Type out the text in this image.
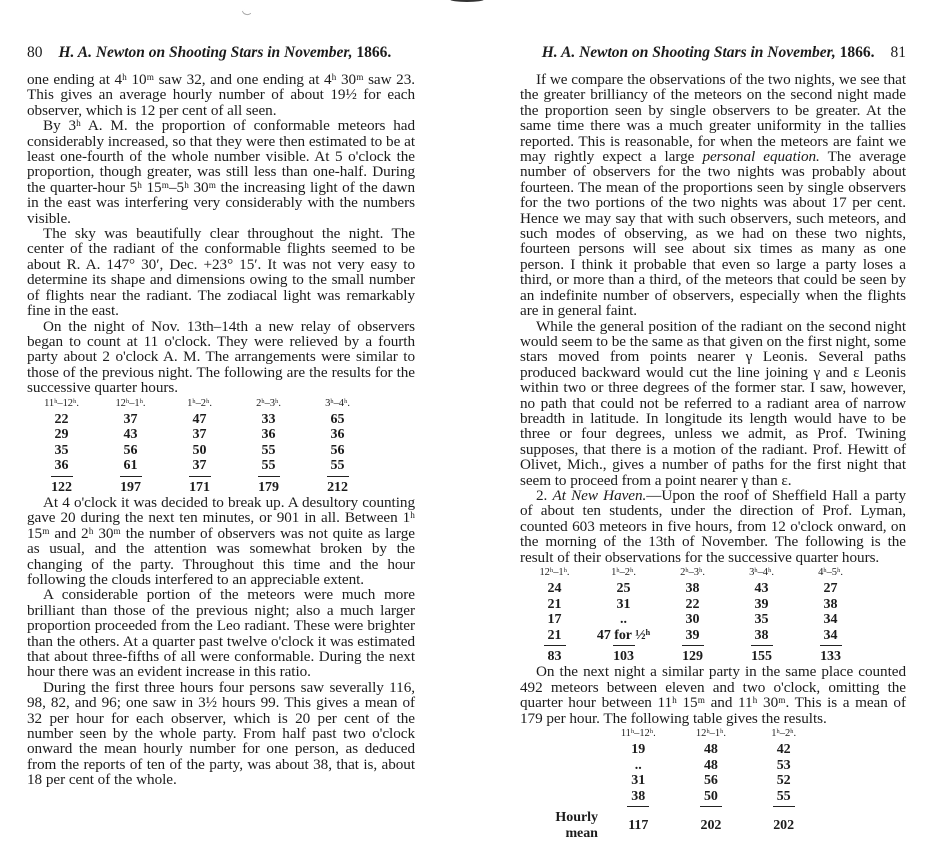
80 H. A. Newton on Shooting Stars in November,
1866.

one ending at 4ʰ 10ᵐ saw 32, and one ending at 4ʰ 30ᵐ saw 23. This gives an average hourly number of about 19½ for each observer, which is 12 per cent of all seen.

By 3ʰ A. M. the proportion of conformable meteors had considerably increased, so that they were then estimated to be at least one-fourth of the whole number visible. At 5 o'clock the proportion, though greater, was still less than one-half. During the quarter-hour 5ʰ 15ᵐ–5ʰ 30ᵐ the increasing light of the dawn in the east was interfering very considerably with the numbers visible.

The sky was beautifully clear throughout the night. The center of the radiant of the conformable flights seemed to be about R. A. 147° 30′, Dec. +23° 15′. It was not very easy to determine its shape and dimensions owing to the small number of flights near the radiant. The zodiacal light was remarkably fine in the east.

On the night of Nov. 13th–14th a new relay of observers began to count at 11 o'clock. They were relieved by a fourth party about 2 o'clock A. M. The arrangements were similar to those of the previous night. The following are the results for the successive quarter hours.

11ʰ–12ʰ.	12ʰ–1ʰ.	1ʰ–2ʰ.	2ʰ–3ʰ.	3ʰ–4ʰ.
22	37	47	33	65
29	43	37	36	36
35	56	50	55	56
36	61	37	55	55

122	197	171	179	212

At 4 o'clock it was decided to break up. A desultory counting gave 20 during the next ten minutes, or 901 in all. Between 1ʰ 15ᵐ and 2ʰ 30ᵐ the number of observers was not quite as large as usual, and the attention was somewhat broken by the changing of the party. Throughout this time and the hour following the clouds interfered to an appreciable extent.

A considerable portion of the meteors were much more brilliant than those of the previous night; also a much larger proportion proceeded from the Leo radiant. These were brighter than the others. At a quarter past twelve o'clock it was estimated that about three-fifths of all were conformable. During the next hour there was an evident increase in this ratio.

During the first three hours four persons saw severally 116, 98, 82, and 96; one saw in 3½ hours 99. This gives a mean of 32 per hour for each observer, which is 20 per cent of the number seen by the whole party. From half past two o'clock onward the mean hourly number for one person, as deduced from the reports of ten of the party, was about 38, that is, about 18 per cent of the whole.

H. A. Newton on Shooting Stars in November,
1866. 81

If we compare the observations of the two nights, we see that the greater brilliancy of the meteors on the second night made the proportion seen by single observers to be greater. At the same time there was a much greater uniformity in the tallies reported. This is reasonable, for when the meteors are faint we may rightly expect a large personal equation. The average number of observers for the two nights was probably about fourteen. The mean of the proportions seen by single observers for the two portions of the two nights was about 17 per cent. Hence we may say that with such observers, such meteors, and such modes of observing, as we had on these two nights, fourteen persons will see about six times as many as one person. I think it probable that even so large a party loses a third, or more than a third, of the meteors that could be seen by an indefinite number of observers, especially when the flights are in general faint.

While the general position of the radiant on the second night would seem to be the same as that given on the first night, some stars moved from points nearer γ Leonis. Several paths produced backward would cut the line joining γ and ε Leonis within two or three degrees of the former star. I saw, however, no path that could not be referred to a radiant area of narrow breadth in latitude. In longitude its length would have to be three or four degrees, unless we admit, as Prof. Twining supposes, that there is a motion of the radiant. Prof. Hewitt of Olivet, Mich., gives a number of paths for the first night that seem to proceed from a point nearer γ than ε.

2. At New Haven.—Upon the roof of Sheffield Hall a party of about ten students, under the direction of Prof. Lyman, counted 603 meteors in five hours, from 12 o'clock onward, on the morning of the 13th of November. The following is the result of their observations for the successive quarter hours.

12ʰ–1ʰ.	1ʰ–2ʰ.	2ʰ–3ʰ.	3ʰ–4ʰ.	4ʰ–5ʰ.
24	25	38	43	27
21	31	22	39	38
17	..	30	35	34
21	47 for ½ʰ	39	38	34

83	103	129	155	133

On the next night a similar party in the same place counted 492 meteors between eleven and two o'clock, omitting the quarter hour between 11ʰ 15ᵐ and 11ʰ 30ᵐ. This is a mean of 179 per hour. The following table gives the results.

	11ʰ–12ʰ.	12ʰ–1ʰ.	1ʰ–2ʰ.
	19	48	42
	..	48	53
	31	56	52
	38	50	55

Hourly mean	117	202	202
